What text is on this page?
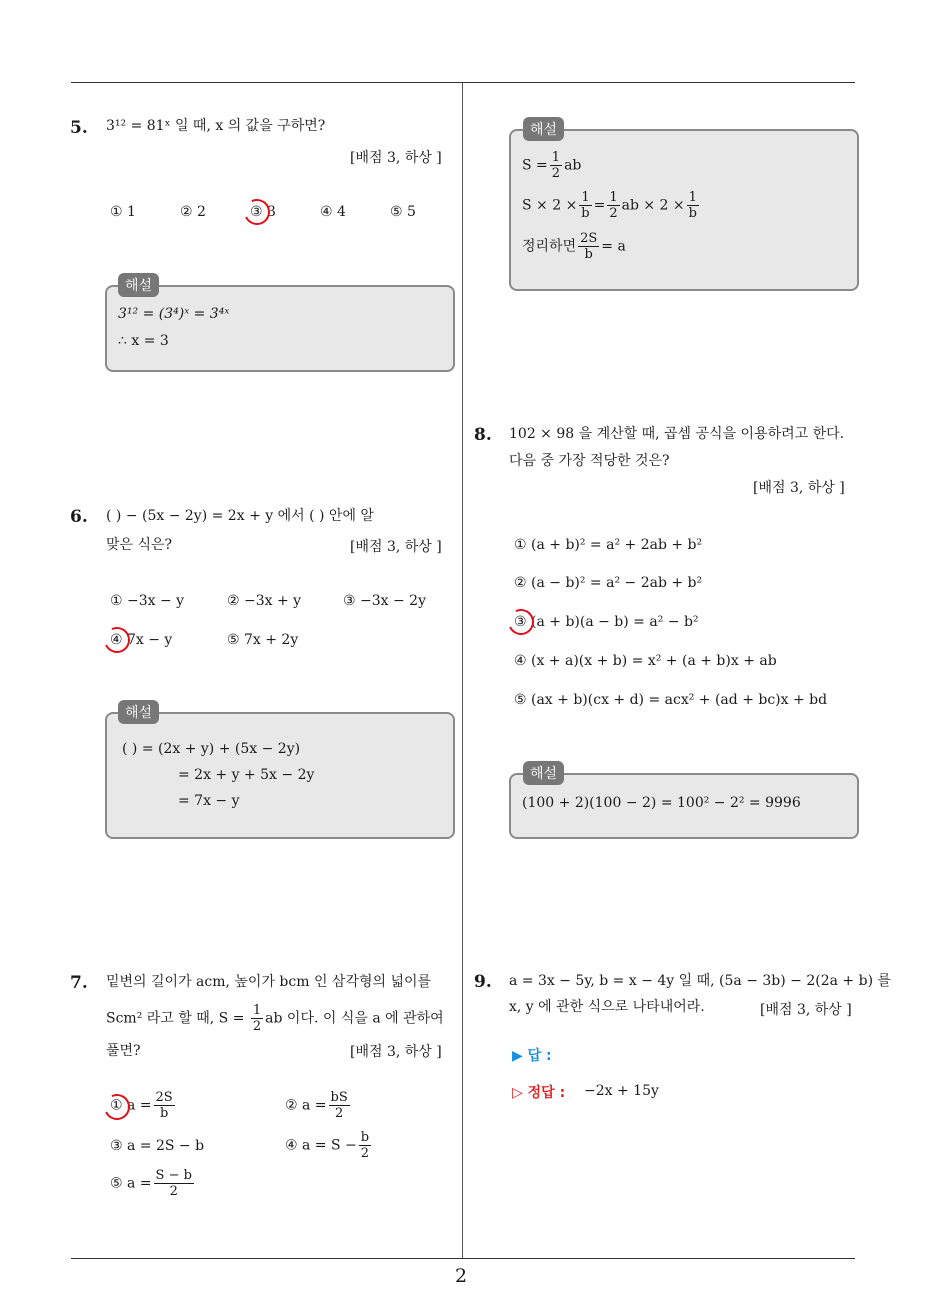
5. 3¹² = 81ˣ 일 때, x 의 값을 구하면?
[배점 3, 하상 ]
① 1	② 2	③ 3	④ 4	⑤ 5
해설
3¹² = (3⁴)ˣ = 3⁴ˣ
∴ x = 3
6. ( ) − (5x − 2y) = 2x + y 에서 ( ) 안에 알
맞은 식은?	[배점 3, 하상 ]
① −3x − y	② −3x + y	③ −3x − 2y
④ 7x − y	⑤ 7x + 2y
해설
( ) = (2x + y) + (5x − 2y)
= 2x + y + 5x − 2y
= 7x − y
7. 밑변의 길이가 acm, 높이가 bcm 인 삼각형의 넓이를
Scm² 라고 할 때, $S = \frac{1}{2}$ ab 이다. 이 식을 a 에 관하여
풀면?	[배점 3, 하상 ]
① $a = \frac{2S}{b}$	② $a = \frac{bS}{2}$
③ a = 2S − b	④ $a = S - \frac{b}{2}$
⑤ $a = \frac{S - b}{2}$
해설
$S = \frac{1}{2}$ ab
$S \times 2 \times \frac{1}{b} = \frac{1}{2}$ ab × $2 \times \frac{1}{b}$
정리하면 $\frac{2S}{b} = a$
8. 102 × 98 을 계산할 때, 곱셈 공식을 이용하려고 한다.
다음 중 가장 적당한 것은?
[배점 3, 하상 ]
① (a + b)² = a² + 2ab + b²
② (a − b)² = a² − 2ab + b²
③ (a + b)(a − b) = a² − b²
④ (x + a)(x + b) = x² + (a + b)x + ab
⑤ (ax + b)(cx + d) = acx² + (ad + bc)x + bd
해설
(100 + 2)(100 − 2) = 100² − 2² = 9996
9. a = 3x − 5y, b = x − 4y 일 때, (5a − 3b) − 2(2a + b) 를
x, y 에 관한 식으로 나타내어라.	[배점 3, 하상 ]
▶ 답 :
▷ 정답 : −2x + 15y
2
